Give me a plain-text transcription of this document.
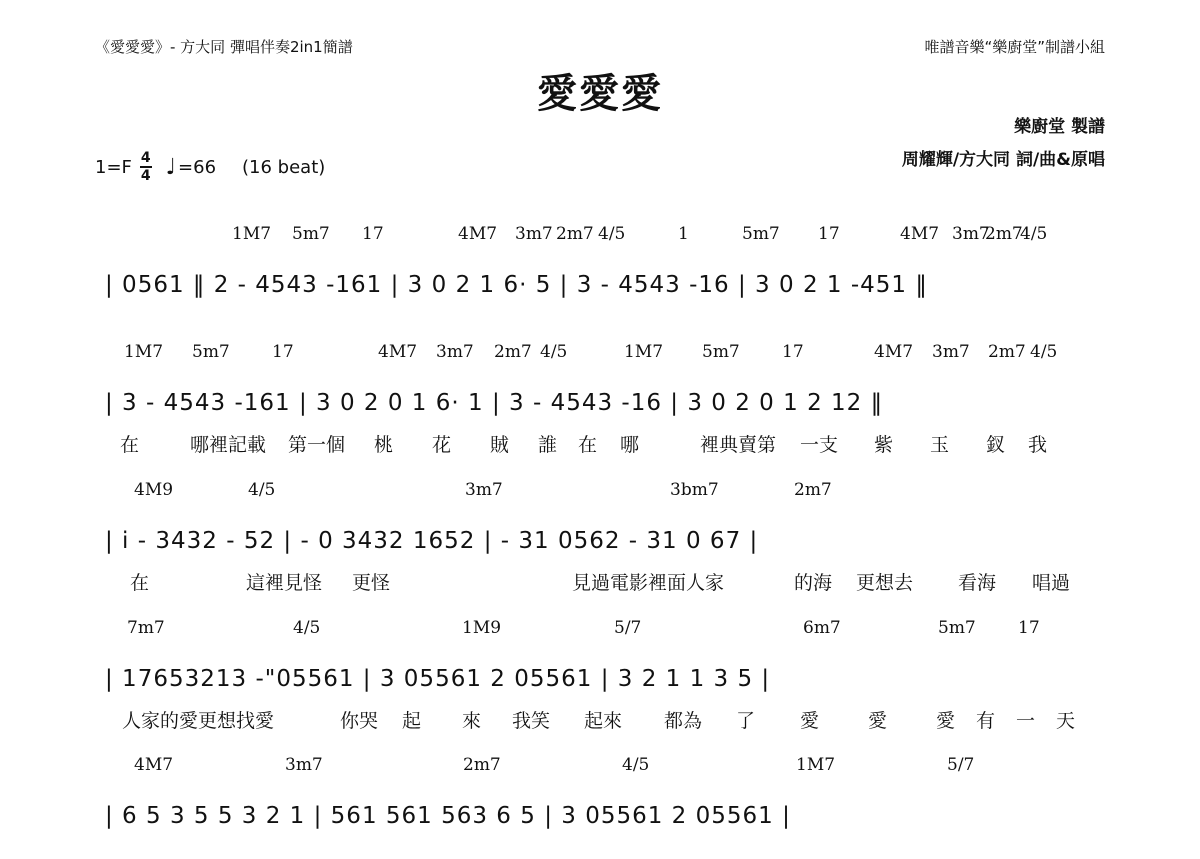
《愛愛愛》- 方大同 彈唱伴奏2in1簡譜	唯譜音樂“樂廚堂”制譜小組
愛愛愛
樂廚堂 製譜
周耀輝/方大同 詞/曲&原唱
$1=F \frac{4}{4}$ ♩ =66 (16 beat)
1M7 5m7 17	4M7 3m7 2m7 4/5	1	5m7 17	4M7 3m7
2m7
4/5
| 0561 ‖ 2 - 4543 -161 | 3 0 2 1 6· 5 | 3 - 4543 -16 | 3 0 2 1 -451 ‖
1M7 5m7 17	4M7 3m7 2m7 4/5	1M7 5m7 17	4M7 3m7 2m7 4/5
| 3 - 4543 -161 | 3 0 2 0 1 6· 1 | 3 - 4543 -16 | 3 0 2 0 1 2 12 ‖
在	哪裡記載 第一個 桃 花 賊 誰 在 哪	裡典賣第 一支 紫 玉 釵 我
4M9	4/5	3m7	3bm7	2m7
| i - 3432 - 52 | - 0 3432 1652 | - 31 0562 - 31 0 67 |
在	這裡見怪 更怪	見過電影裡面人家	的海 更想去 看海 唱過
7m7	4/5	1M9	5/7	6m7	5m7 17
| 17653213 -"05561 | 3 05561 2 05561 | 3 2 1 1 3 5 |
人家的愛更想找愛	你哭 起 來 我笑 起來 都為 了 愛	愛	愛 有 一 天
4M7	3m7	2m7	4/5	1M7	5/7
| 6 5 3 5 5 3 2 1 | 561 561 563 6 5 | 3 05561 2 05561 |
